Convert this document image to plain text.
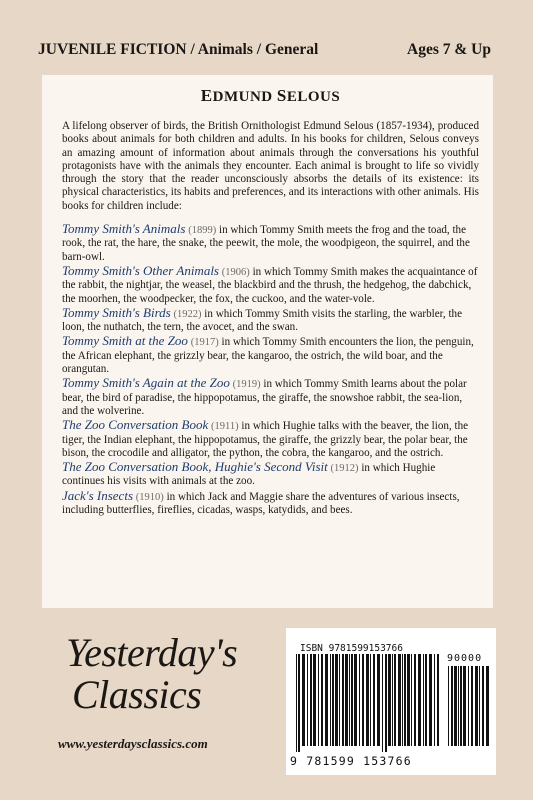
JUVENILE FICTION / Animals / General	Ages 7 & Up
EDMUND SELOUS

A lifelong observer of birds, the British Ornithologist Edmund Selous (1857-1934), produced books about animals for both children and adults. In his books for children, Selous conveys an amazing amount of information about animals through the conversations his youthful protagonists have with the animals they encounter. Each animal is brought to life so vividly through the story that the reader unconsciously absorbs the details of its existence: its physical characteristics, its habits and preferences, and its interactions with other animals. His books for children include:

Tommy Smith's Animals (1899) in which Tommy Smith meets the frog and the toad, the rook, the rat, the hare, the snake, the peewit, the mole, the woodpigeon, the squirrel, and the barn-owl.

Tommy Smith's Other Animals (1906) in which Tommy Smith makes the acquaintance of the rabbit, the nightjar, the weasel, the blackbird and the thrush, the hedgehog, the dabchick, the moorhen, the woodpecker, the fox, the cuckoo, and the water-vole.

Tommy Smith's Birds (1922) in which Tommy Smith visits the starling, the warbler, the loon, the nuthatch, the tern, the avocet, and the swan.

Tommy Smith at the Zoo (1917) in which Tommy Smith encounters the lion, the penguin, the African elephant, the grizzly bear, the kangaroo, the ostrich, the wild boar, and the orangutan.

Tommy Smith's Again at the Zoo (1919) in which Tommy Smith learns about the polar bear, the bird of paradise, the hippopotamus, the giraffe, the snowshoe rabbit, the sea-lion, and the wolverine.

The Zoo Conversation Book (1911) in which Hughie talks with the beaver, the lion, the tiger, the Indian elephant, the hippopotamus, the giraffe, the grizzly bear, the polar bear, the bison, the crocodile and alligator, the python, the cobra, the kangaroo, and the ostrich.

The Zoo Conversation Book, Hughie's Second Visit (1912) in which Hughie continues his visits with animals at the zoo.

Jack's Insects (1910) in which Jack and Maggie share the adventures of various insects, including butterflies, fireflies, cicadas, wasps, katydids, and bees.

Yesterday's
Classics
www.yesterdaysclassics.com
ISBN 9781599153766
90000
9 781599 153766
